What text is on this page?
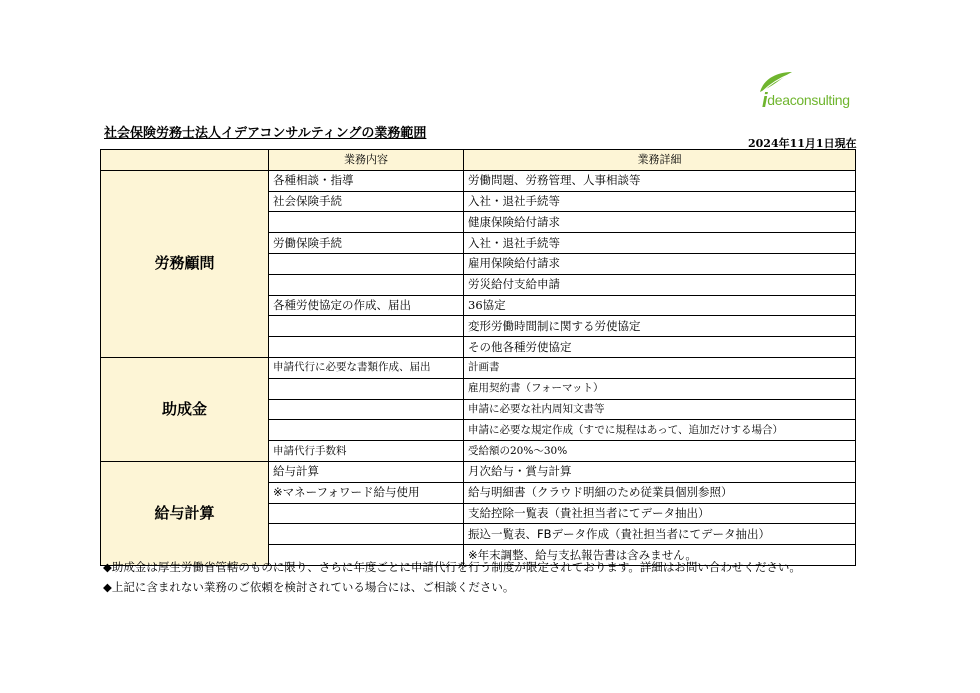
ideaconsulting
社会保険労務士法人イデアコンサルティングの業務範囲
2024年11月1日現在
	業務内容	業務詳細
労務顧問	各種相談・指導	労働問題、労務管理、人事相談等
	社会保険手続	入社・退社手続等
		健康保険給付請求
	労働保険手続	入社・退社手続等
		雇用保険給付請求
		労災給付支給申請
	各種労使協定の作成、届出	36協定
		変形労働時間制に関する労使協定
		その他各種労使協定
助成金	申請代行に必要な書類作成、届出	計画書
		雇用契約書（フォーマット）
		申請に必要な社内周知文書等
		申請に必要な規定作成（すでに規程はあって、追加だけする場合）
	申請代行手数料	受給額の20%～30%
給与計算	給与計算	月次給与・賞与計算
	※マネーフォワード給与使用	給与明細書（クラウド明細のため従業員個別参照）
		支給控除一覧表（貴社担当者にてデータ抽出）
		振込一覧表、FBデータ作成（貴社担当者にてデータ抽出）
		※年末調整、給与支払報告書は含みません。
◆助成金は厚生労働省管轄のものに限り、さらに年度ごとに申請代行を行う制度が限定されております。詳細はお問い合わせください。
◆上記に含まれない業務のご依頼を検討されている場合には、ご相談ください。
